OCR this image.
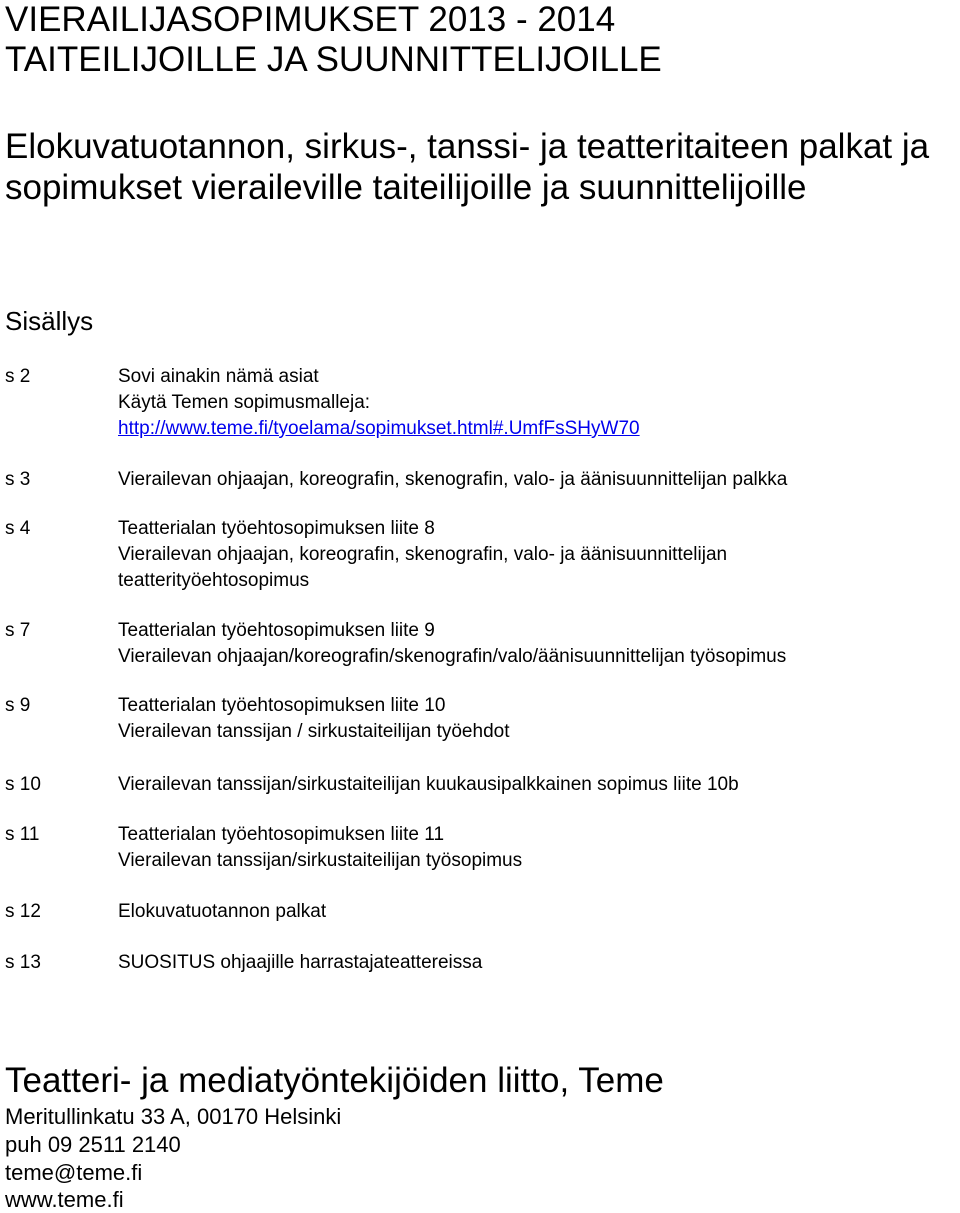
VIERAILIJASOPIMUKSET 2013 - 2014
TAITEILIJOILLE JA SUUNNITTELIJOILLE
Elokuvatuotannon, sirkus-, tanssi- ja teatteritaiteen palkat ja
sopimukset vieraileville taiteilijoille ja suunnittelijoille
Sisällys
s 2	Sovi ainakin nämä asiat
Käytä Temen sopimusmalleja:
http://www.teme.fi/tyoelama/sopimukset.html#.UmfFsSHyW70
s 3	Vierailevan ohjaajan, koreografin, skenografin, valo- ja äänisuunnittelijan palkka
s 4	Teatterialan työehtosopimuksen liite 8
Vierailevan ohjaajan, koreografin, skenografin, valo- ja äänisuunnittelijan
teatterityöehtosopimus
s 7	Teatterialan työehtosopimuksen liite 9
Vierailevan ohjaajan/koreografin/skenografin/valo/äänisuunnittelijan työsopimus
s 9	Teatterialan työehtosopimuksen liite 10
Vierailevan tanssijan / sirkustaiteilijan työehdot
s 10	Vierailevan tanssijan/sirkustaiteilijan kuukausipalkkainen sopimus liite 10b
s 11	Teatterialan työehtosopimuksen liite 11
Vierailevan tanssijan/sirkustaiteilijan työsopimus
s 12	Elokuvatuotannon palkat
s 13	SUOSITUS ohjaajille harrastajateattereissa
Teatteri- ja mediatyöntekijöiden liitto, Teme
Meritullinkatu 33 A, 00170 Helsinki
puh 09 2511 2140
teme@teme.fi
www.teme.fi
